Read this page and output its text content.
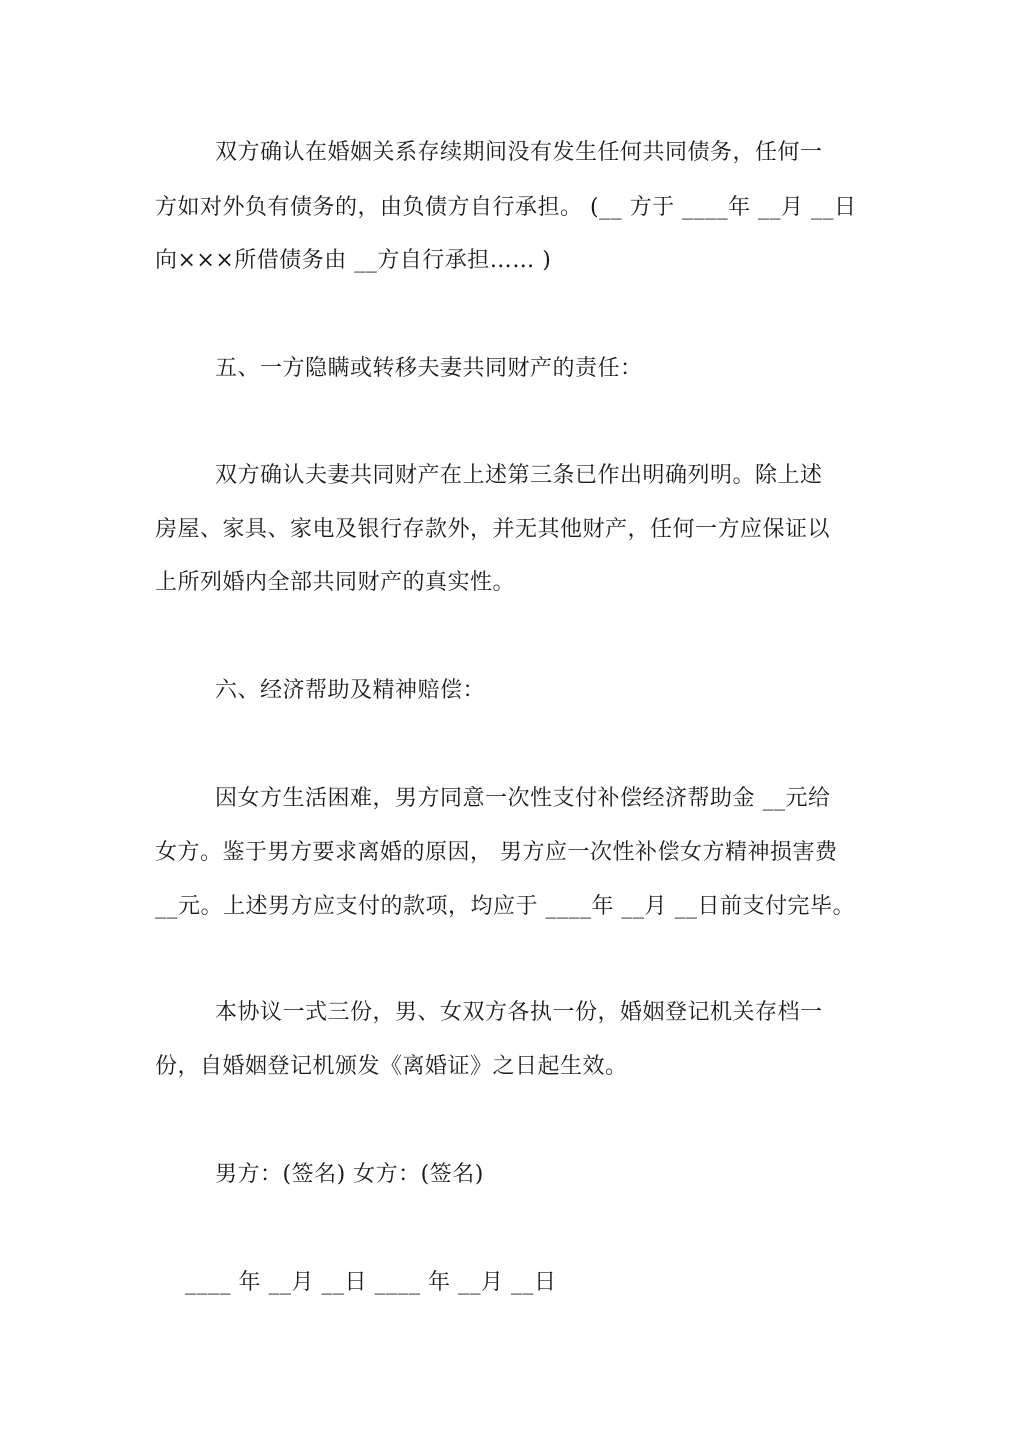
双方确认在婚姻关系存续期间没有发生任何共同债务，任何一
方如对外负有债务的，由负债方自行承担。 (__ 方于 ____年 __月 __日
向×××所借债务由 __方自行承担…… )
五、一方隐瞒或转移夫妻共同财产的责任：
双方确认夫妻共同财产在上述第三条已作出明确列明。除上述
房屋、家具、家电及银行存款外，并无其他财产，任何一方应保证以
上所列婚内全部共同财产的真实性。
六、经济帮助及精神赔偿：
因女方生活困难，男方同意一次性支付补偿经济帮助金 __元给
女方。鉴于男方要求离婚的原因， 男方应一次性补偿女方精神损害费
__元。上述男方应支付的款项，均应于 ____年 __月 __日前支付完毕。
本协议一式三份，男、女双方各执一份，婚姻登记机关存档一
份，自婚姻登记机颁发《离婚证》之日起生效。
男方：(签名) 女方：(签名)
____ 年 __月 __日 ____ 年 __月 __日
